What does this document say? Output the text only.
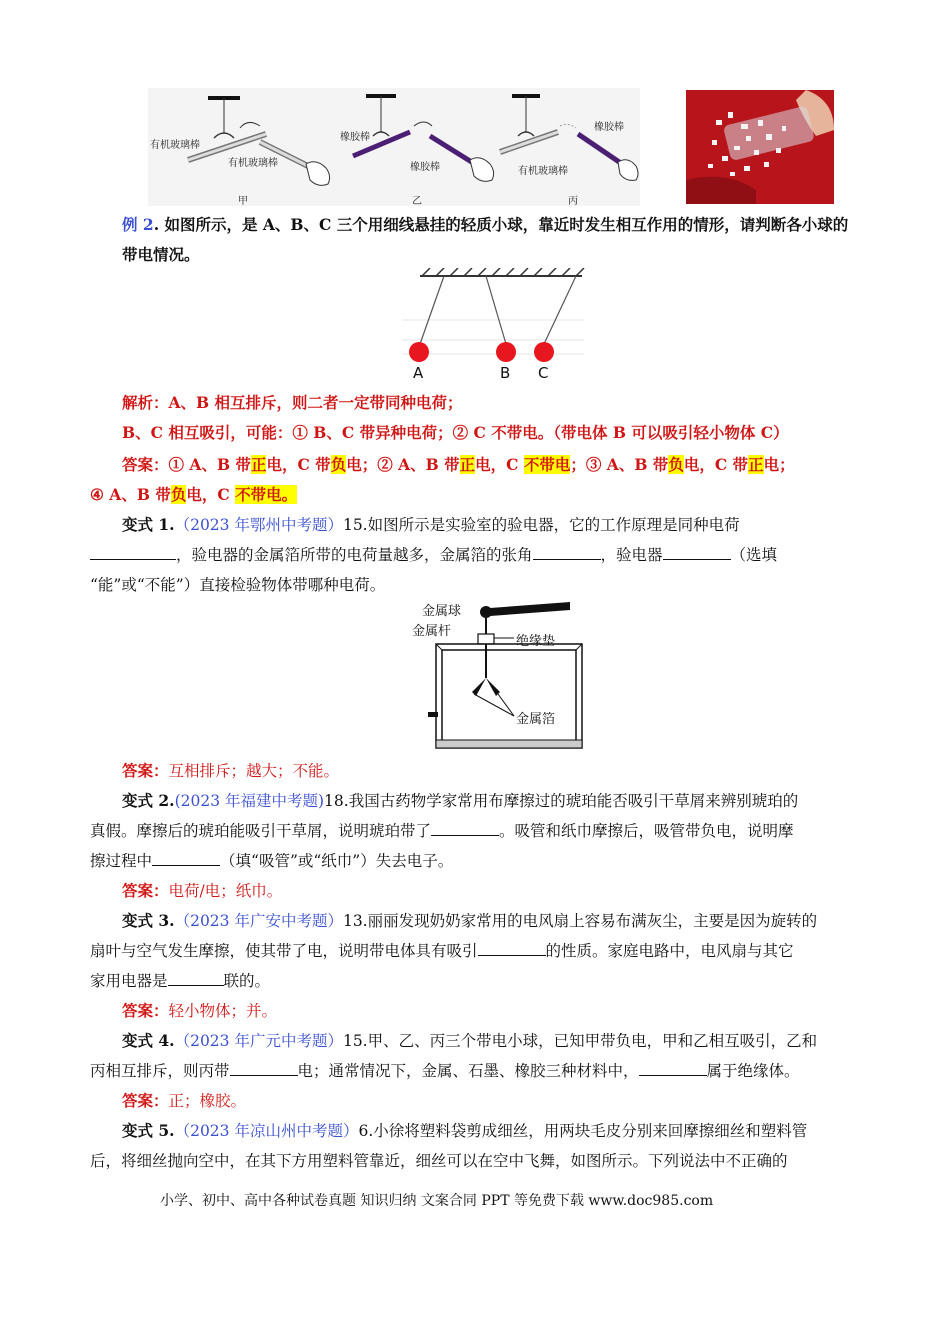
有机玻璃棒
有机玻璃棒
甲
橡胶棒
橡胶棒
乙
橡胶棒
有机玻璃棒
丙
例 2. 如图所示，是 A、B、C 三个用细线悬挂的轻质小球，靠近时发生相互作用的情形，请判断各小球的带电情况。
A	B C
解析：A、B 相互排斥，则二者一定带同种电荷；
B、C 相互吸引，可能：① B、C 带异种电荷；② C 不带电。（带电体 B 可以吸引轻小物体 C）
答案：① A、B 带正电，C 带负电；② A、B 带正电，C 不带电；③ A、B 带负电，C 带正电；
④ A、B 带负电，C 不带电。
变式 1.（2023 年鄂州中考题）15.如图所示是实验室的验电器，它的工作原理是同种电荷
，验电器的金属箔所带的电荷量越多，金属箔的张角	，验电器	（选填
“能”或“不能”）直接检验物体带哪种电荷。
金属球
金属杆
绝缘垫
金属箔
答案：互相排斥；越大；不能。
变式 2.(2023 年福建中考题)18.我国古药物学家常用布摩擦过的琥珀能否吸引干草屑来辨别琥珀的
真假。摩擦后的琥珀能吸引干草屑，说明琥珀带了	。吸管和纸巾摩擦后，吸管带负电，说明摩
擦过程中	（填“吸管”或“纸巾”）失去电子。
答案：电荷/电；纸巾。
变式 3.（2023 年广安中考题）13.丽丽发现奶奶家常用的电风扇上容易布满灰尘，主要是因为旋转的
扇叶与空气发生摩擦，使其带了电，说明带电体具有吸引	的性质。家庭电路中，电风扇与其它
家用电器是	联的。
答案：轻小物体；并。
变式 4.（2023 年广元中考题）15.甲、乙、丙三个带电小球，已知甲带负电，甲和乙相互吸引，乙和
丙相互排斥，则丙带	电；通常情况下，金属、石墨、橡胶三种材料中，	属于绝缘体。
答案：正；橡胶。
变式 5.（2023 年凉山州中考题）6.小徐将塑料袋剪成细丝，用两块毛皮分别来回摩擦细丝和塑料管
后，将细丝抛向空中，在其下方用塑料管靠近，细丝可以在空中飞舞，如图所示。下列说法中不正确的
小学、初中、高中各种试卷真题 知识归纳 文案合同 PPT 等免费下载 www.doc985.com
